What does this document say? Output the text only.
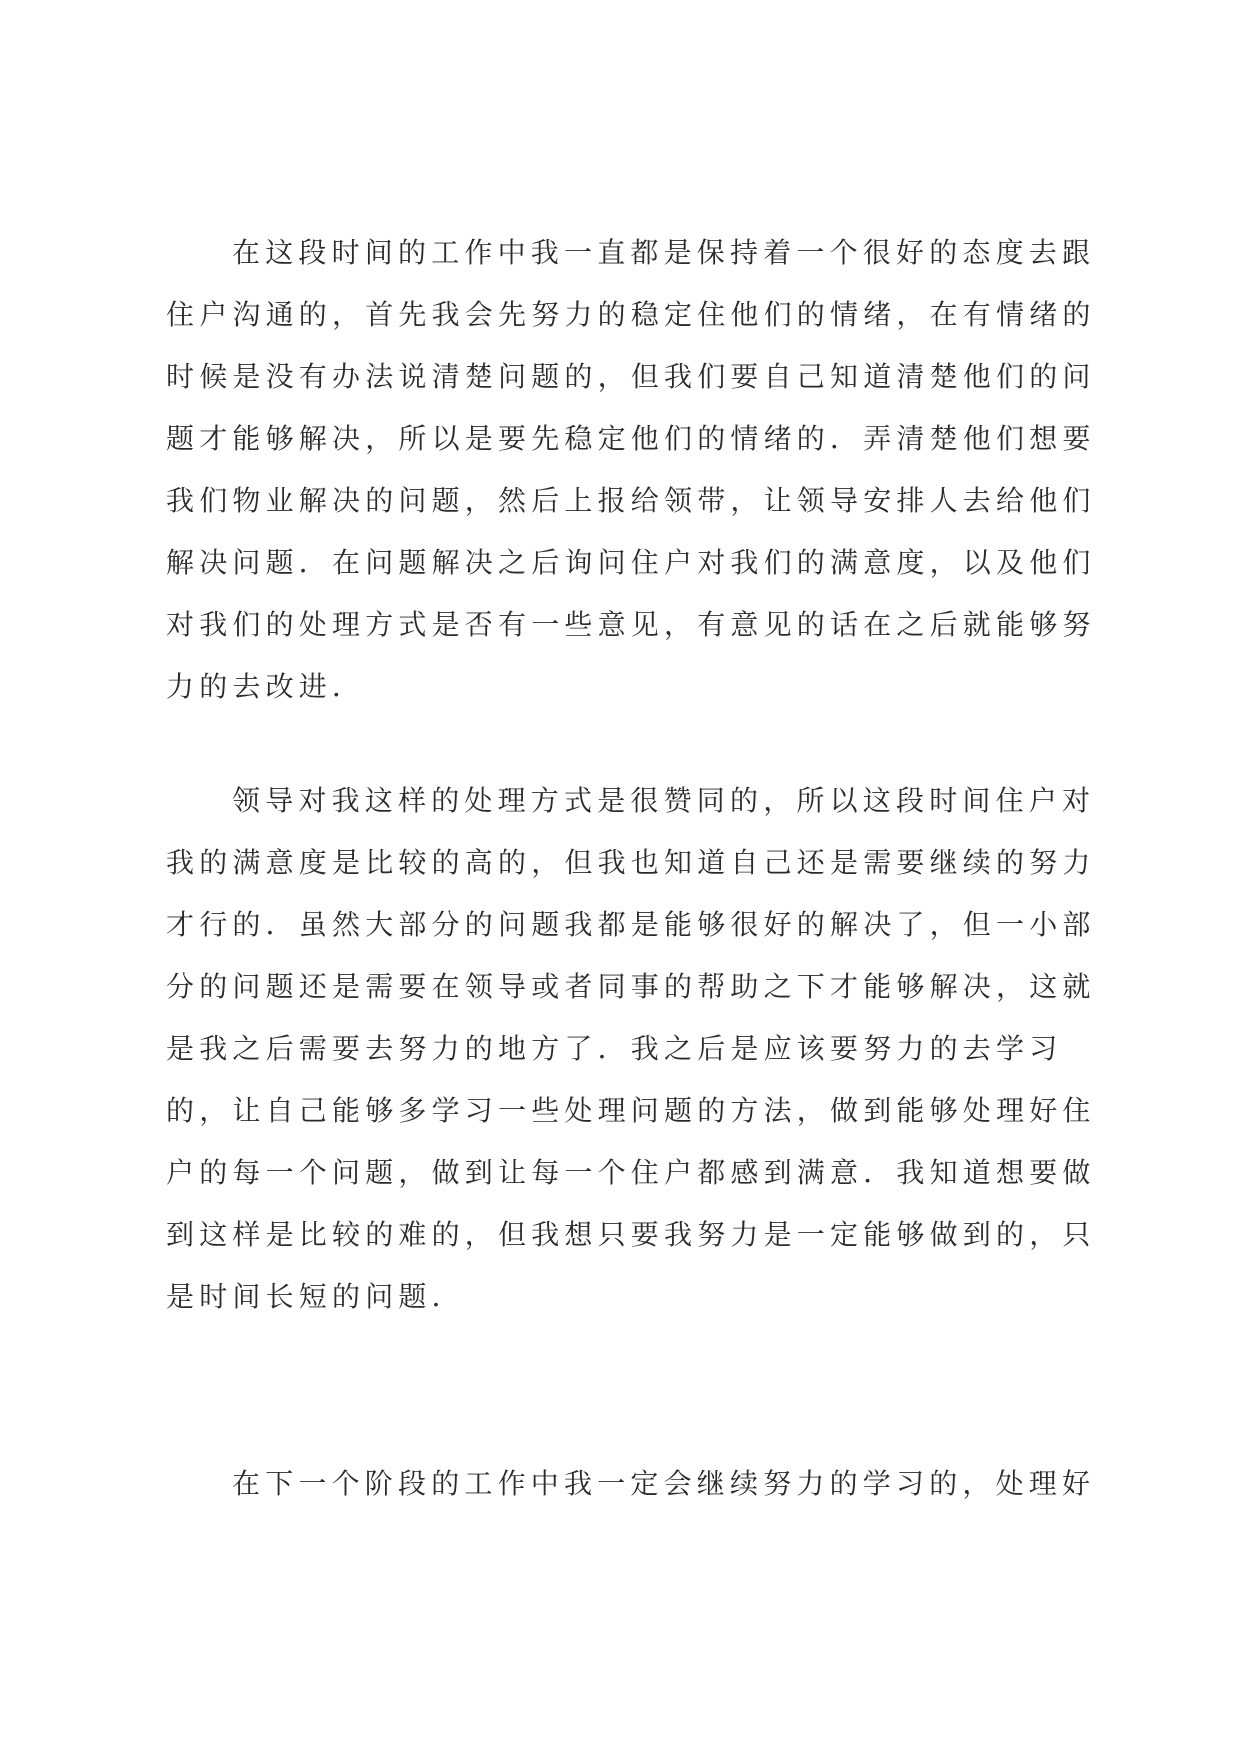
在这段时间的工作中我一直都是保持着一个很好的态度去跟
住户沟通的，首先我会先努力的稳定住他们的情绪，在有情绪的
时候是没有办法说清楚问题的，但我们要自己知道清楚他们的问
题才能够解决，所以是要先稳定他们的情绪的．弄清楚他们想要
我们物业解决的问题，然后上报给领带，让领导安排人去给他们
解决问题．在问题解决之后询问住户对我们的满意度，以及他们
对我们的处理方式是否有一些意见，有意见的话在之后就能够努
力的去改进．
领导对我这样的处理方式是很赞同的，所以这段时间住户对
我的满意度是比较的高的，但我也知道自己还是需要继续的努力
才行的．虽然大部分的问题我都是能够很好的解决了，但一小部
分的问题还是需要在领导或者同事的帮助之下才能够解决，这就
是我之后需要去努力的地方了．我之后是应该要努力的去学习
的，让自己能够多学习一些处理问题的方法，做到能够处理好住
户的每一个问题，做到让每一个住户都感到满意．我知道想要做
到这样是比较的难的，但我想只要我努力是一定能够做到的，只
是时间长短的问题．
在下一个阶段的工作中我一定会继续努力的学习的，处理好
